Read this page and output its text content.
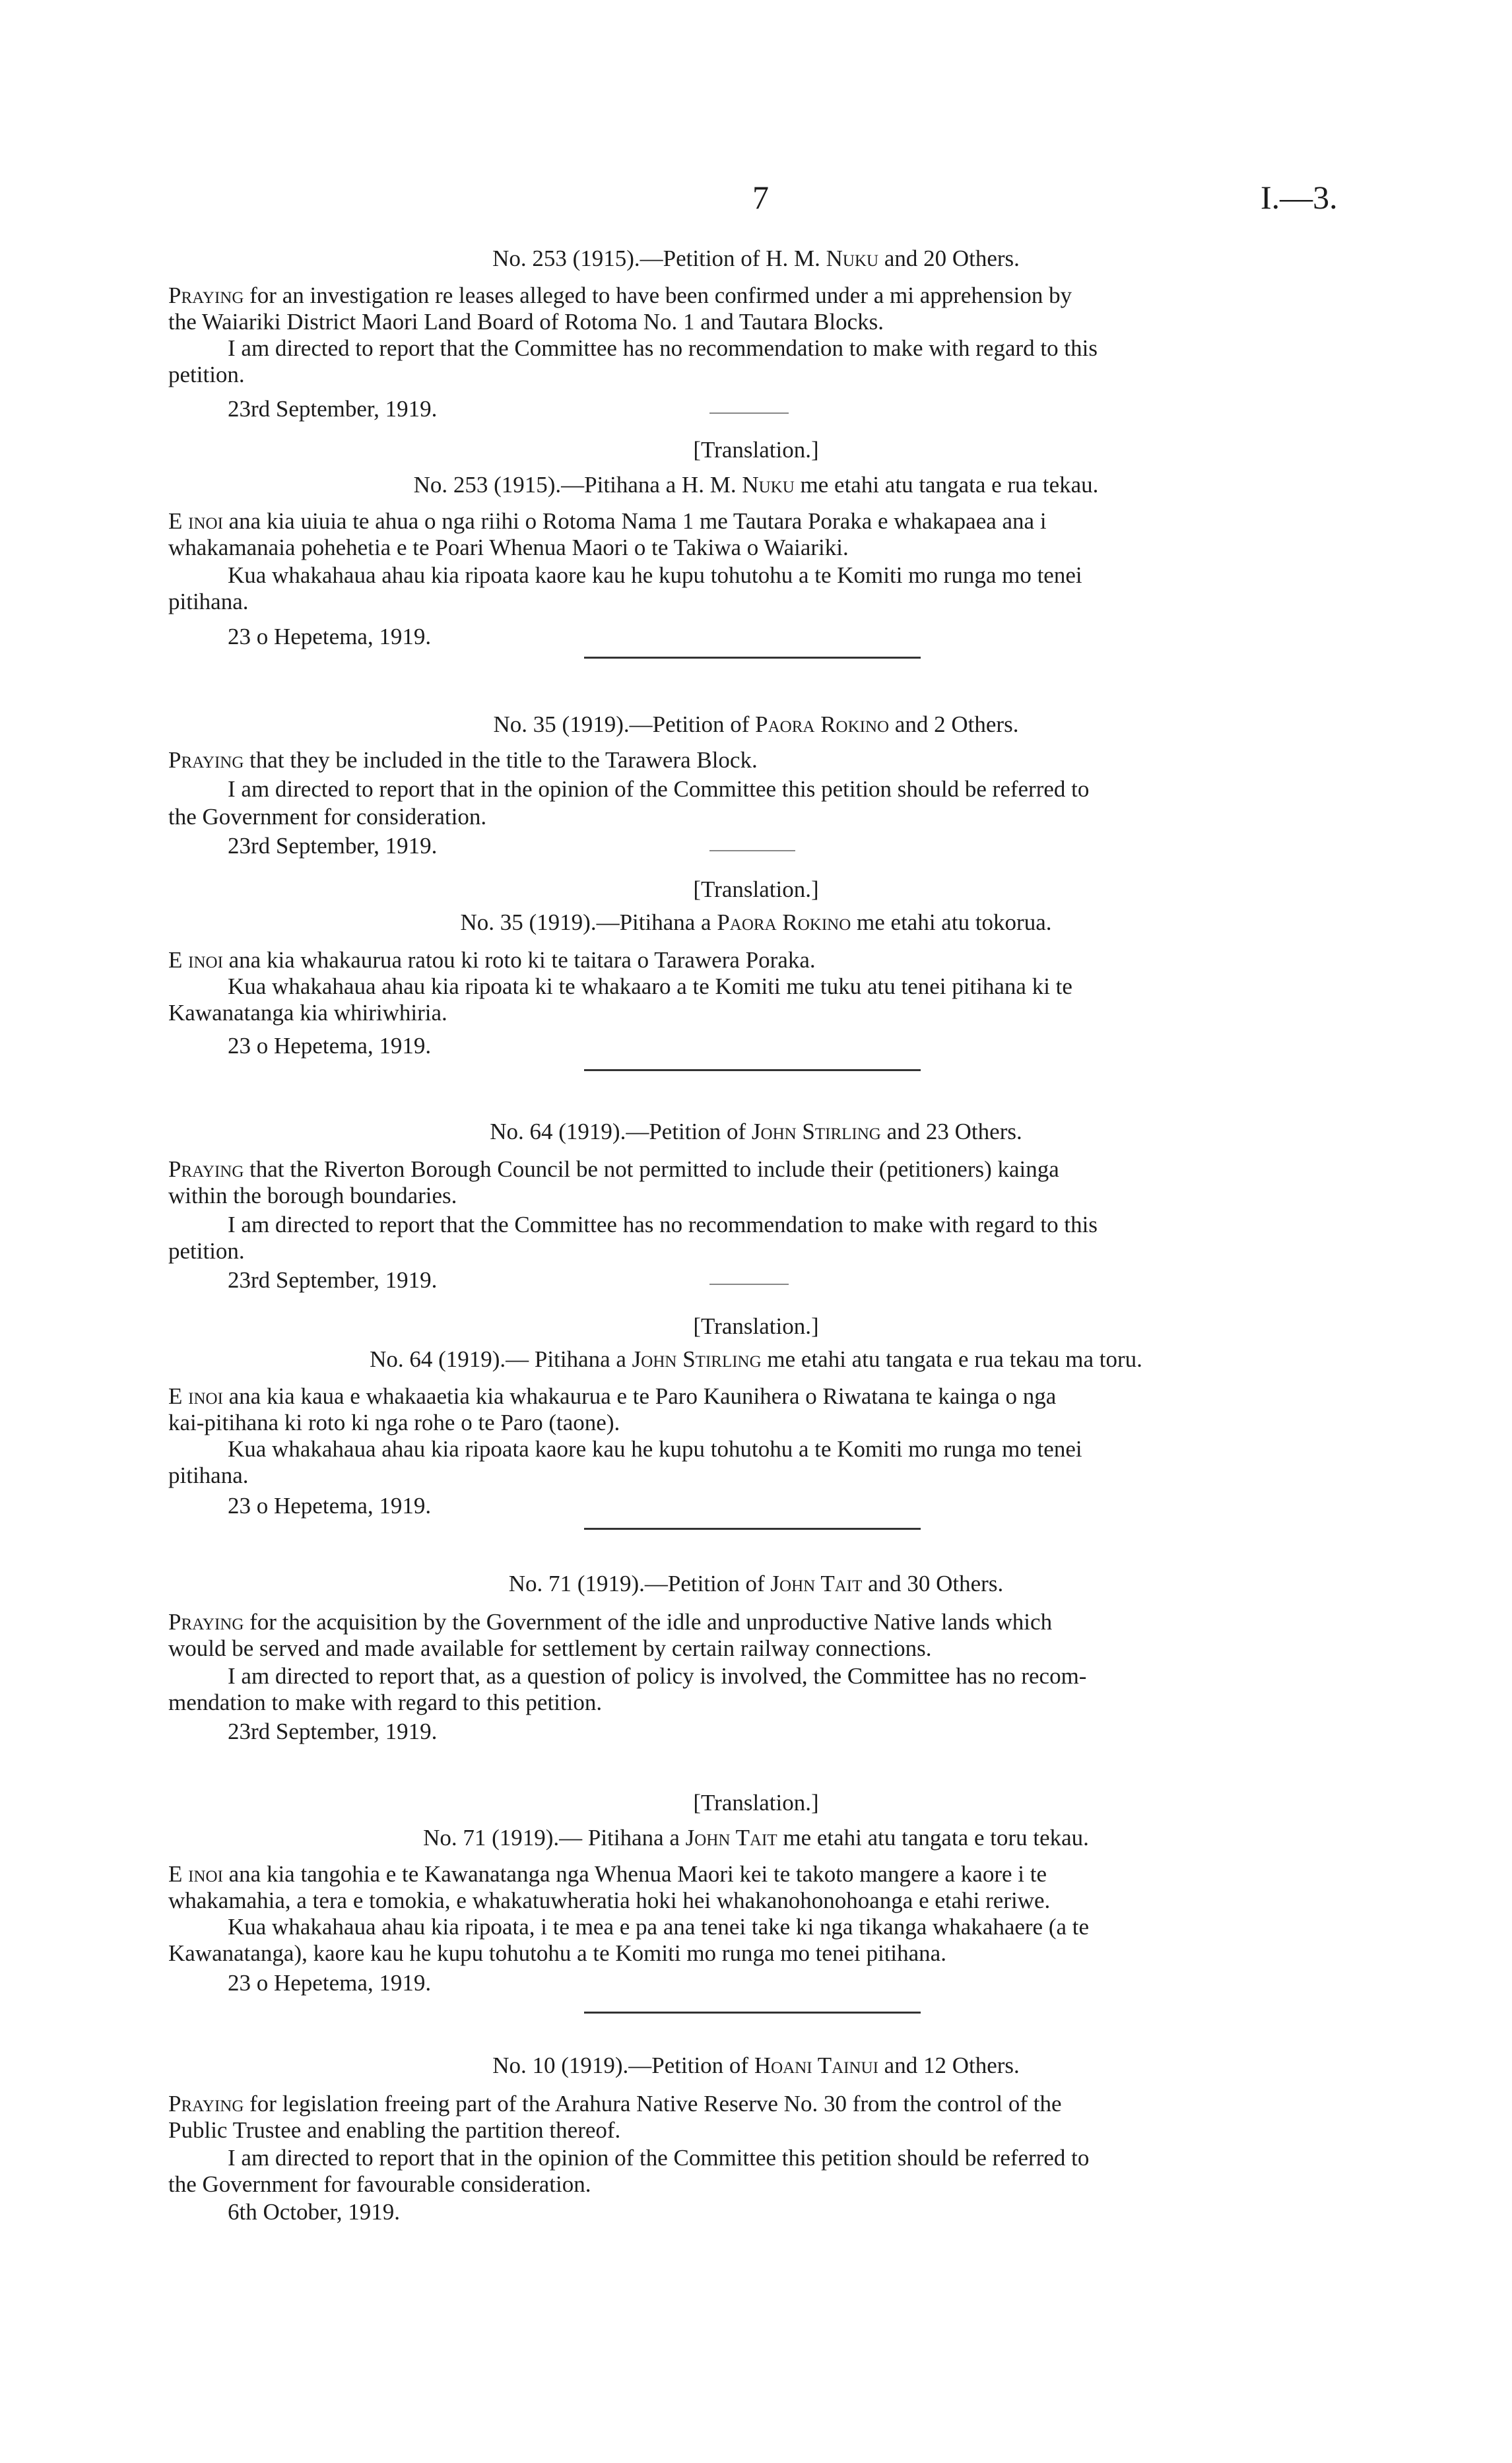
7	I.—3.
No. 253 (1915).—Petition of H. M. Nuku and 20 Others.
Praying for an investigation re leases alleged to have been confirmed under a mi apprehension by
the Waiariki District Maori Land Board of Rotoma No. 1 and Tautara Blocks.
I am directed to report that the Committee has no recommendation to make with regard to this
petition.
23rd September, 1919.
[Translation.]
No. 253 (1915).—Pitihana a H. M. Nuku me etahi atu tangata e rua tekau.
E inoi ana kia uiuia te ahua o nga riihi o Rotoma Nama 1 me Tautara Poraka e whakapaea ana i
whakamanaia pohehetia e te Poari Whenua Maori o te Takiwa o Waiariki.
Kua whakahaua ahau kia ripoata kaore kau he kupu tohutohu a te Komiti mo runga mo tenei
pitihana.
23 o Hepetema, 1919.
No. 35 (1919).—Petition of Paora Rokino and 2 Others.
Praying that they be included in the title to the Tarawera Block.
I am directed to report that in the opinion of the Committee this petition should be referred to
the Government for consideration.
23rd September, 1919.
[Translation.]
No. 35 (1919).—Pitihana a Paora Rokino me etahi atu tokorua.
E inoi ana kia whakaurua ratou ki roto ki te taitara o Tarawera Poraka.
Kua whakahaua ahau kia ripoata ki te whakaaro a te Komiti me tuku atu tenei pitihana ki te
Kawanatanga kia whiriwhiria.
23 o Hepetema, 1919.
No. 64 (1919).—Petition of John Stirling and 23 Others.
Praying that the Riverton Borough Council be not permitted to include their (petitioners) kainga
within the borough boundaries.
I am directed to report that the Committee has no recommendation to make with regard to this
petition.
23rd September, 1919.
[Translation.]
No. 64 (1919).— Pitihana a John Stirling me etahi atu tangata e rua tekau ma toru.
E inoi ana kia kaua e whakaaetia kia whakaurua e te Paro Kaunihera o Riwatana te kainga o nga
kai-pitihana ki roto ki nga rohe o te Paro (taone).
Kua whakahaua ahau kia ripoata kaore kau he kupu tohutohu a te Komiti mo runga mo tenei
pitihana.
23 o Hepetema, 1919.
No. 71 (1919).—Petition of John Tait and 30 Others.
Praying for the acquisition by the Government of the idle and unproductive Native lands which
would be served and made available for settlement by certain railway connections.
I am directed to report that, as a question of policy is involved, the Committee has no recom-
mendation to make with regard to this petition.
23rd September, 1919.
[Translation.]
No. 71 (1919).— Pitihana a John Tait me etahi atu tangata e toru tekau.
E inoi ana kia tangohia e te Kawanatanga nga Whenua Maori kei te takoto mangere a kaore i te
whakamahia, a tera e tomokia, e whakatuwheratia hoki hei whakanohonohoanga e etahi reriwe.
Kua whakahaua ahau kia ripoata, i te mea e pa ana tenei take ki nga tikanga whakahaere (a te
Kawanatanga), kaore kau he kupu tohutohu a te Komiti mo runga mo tenei pitihana.
23 o Hepetema, 1919.
No. 10 (1919).—Petition of Hoani Tainui and 12 Others.
Praying for legislation freeing part of the Arahura Native Reserve No. 30 from the control of the
Public Trustee and enabling the partition thereof.
I am directed to report that in the opinion of the Committee this petition should be referred to
the Government for favourable consideration.
6th October, 1919.
